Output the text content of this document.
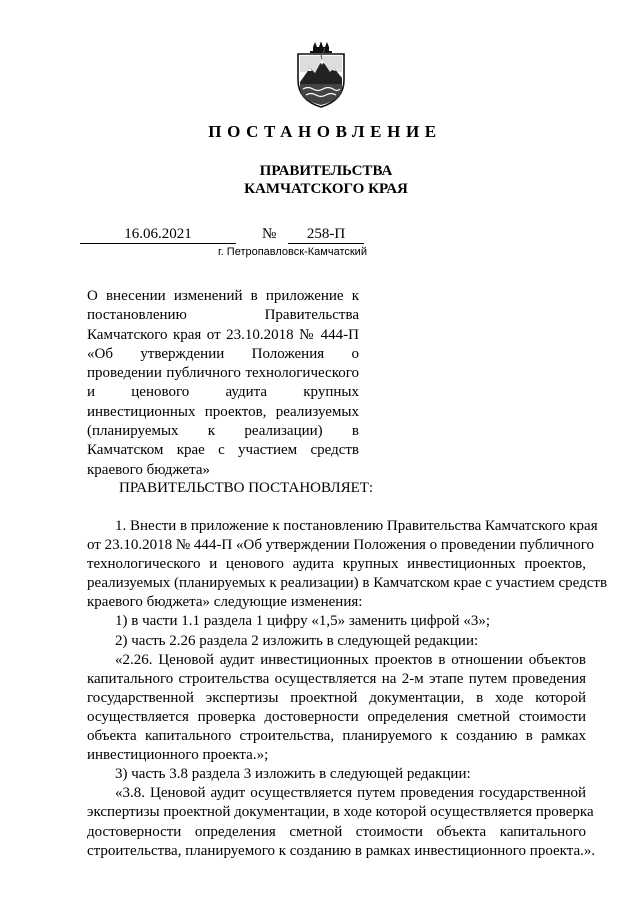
ПОСТАНОВЛЕНИЕ
ПРАВИТЕЛЬСТВА
КАМЧАТСКОГО КРАЯ
16.06.2021	№	258-П
г. Петропавловск-Камчатский
О внесении изменений в приложение к
постановлению Правительства
Камчатского края от 23.10.2018 № 444-П
«Об утверждении Положения о
проведении публичного технологического
и ценового аудита крупных
инвестиционных проектов, реализуемых
(планируемых к реализации) в
Камчатском крае с участием средств
краевого бюджета»
ПРАВИТЕЛЬСТВО ПОСТАНОВЛЯЕТ:
1. Внести в приложение к постановлению Правительства Камчатского края
от 23.10.2018 № 444-П «Об утверждении Положения о проведении публичного
технологического и ценового аудита крупных инвестиционных проектов,
реализуемых (планируемых к реализации) в Камчатском крае с участием средств
краевого бюджета» следующие изменения:
1) в части 1.1 раздела 1 цифру «1,5» заменить цифрой «3»;
2) часть 2.26 раздела 2 изложить в следующей редакции:
«2.26. Ценовой аудит инвестиционных проектов в отношении объектов
капитального строительства осуществляется на 2-м этапе путем проведения
государственной экспертизы проектной документации, в ходе которой
осуществляется проверка достоверности определения сметной стоимости
объекта капитального строительства, планируемого к созданию в рамках
инвестиционного проекта.»;
3) часть 3.8 раздела 3 изложить в следующей редакции:
«3.8. Ценовой аудит осуществляется путем проведения государственной
экспертизы проектной документации, в ходе которой осуществляется проверка
достоверности определения сметной стоимости объекта капитального
строительства, планируемого к созданию в рамках инвестиционного проекта.».
